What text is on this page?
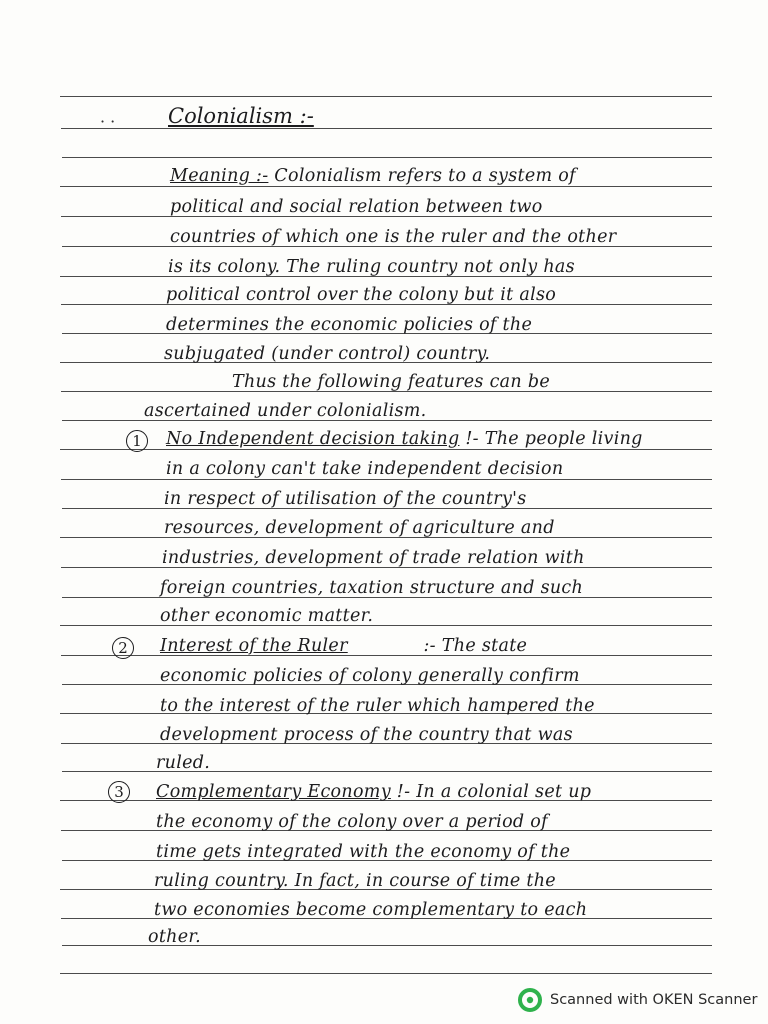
· ·	Colonialism :-
Meaning :- Colonialism refers to a system of
political and social relation between two
countries of which one is the ruler and the other
is its colony. The ruling country not only has
political control over the colony but it also
determines the economic policies of the
subjugated (under control) country.
Thus the following features can be
ascertained under colonialism.
1	No Independent decision taking !- The people living
in a colony can't take independent decision
in respect of utilisation of the country's
resources, development of agriculture and
industries, development of trade relation with
foreign countries, taxation structure and such
other economic matter.
2	Interest of the Ruler	:- The state
economic policies of colony generally confirm
to the interest of the ruler which hampered the
development process of the country that was
ruled.
3	Complementary Economy !- In a colonial set up
the economy of the colony over a period of
time gets integrated with the economy of the
ruling country. In fact, in course of time the
two economies become complementary to each
other.
Scanned with OKEN Scanner
